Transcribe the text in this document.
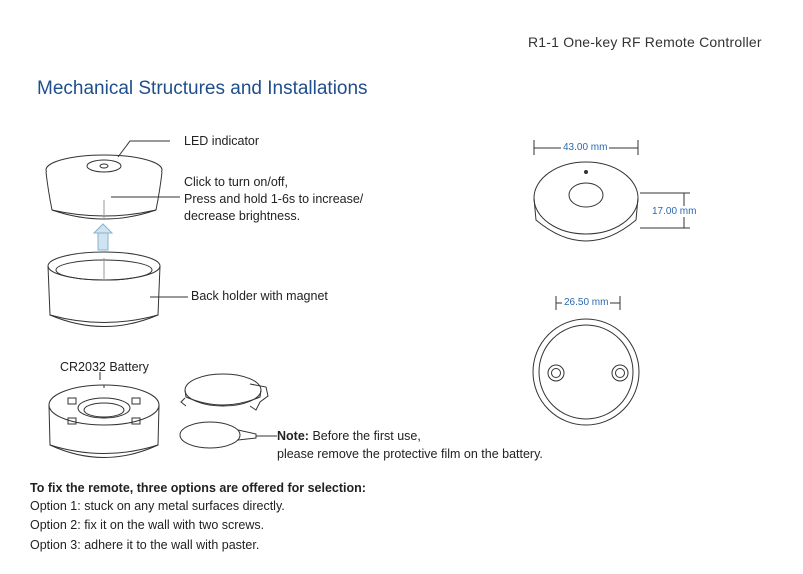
R1-1 One-key RF Remote Controller
Mechanical Structures and Installations
LED indicator
Click to turn on/off,
Press and hold 1-6s to increase/
decrease brightness.
Back holder with magnet
CR2032 Battery
Note: Before the first use,
please remove the protective film on the battery.
43.00 mm
17.00 mm
26.50 mm
To fix the remote, three options are offered for selection:
Option 1: stuck on any metal surfaces directly.
Option 2: fix it on the wall with two screws.
Option 3: adhere it to the wall with paster.
